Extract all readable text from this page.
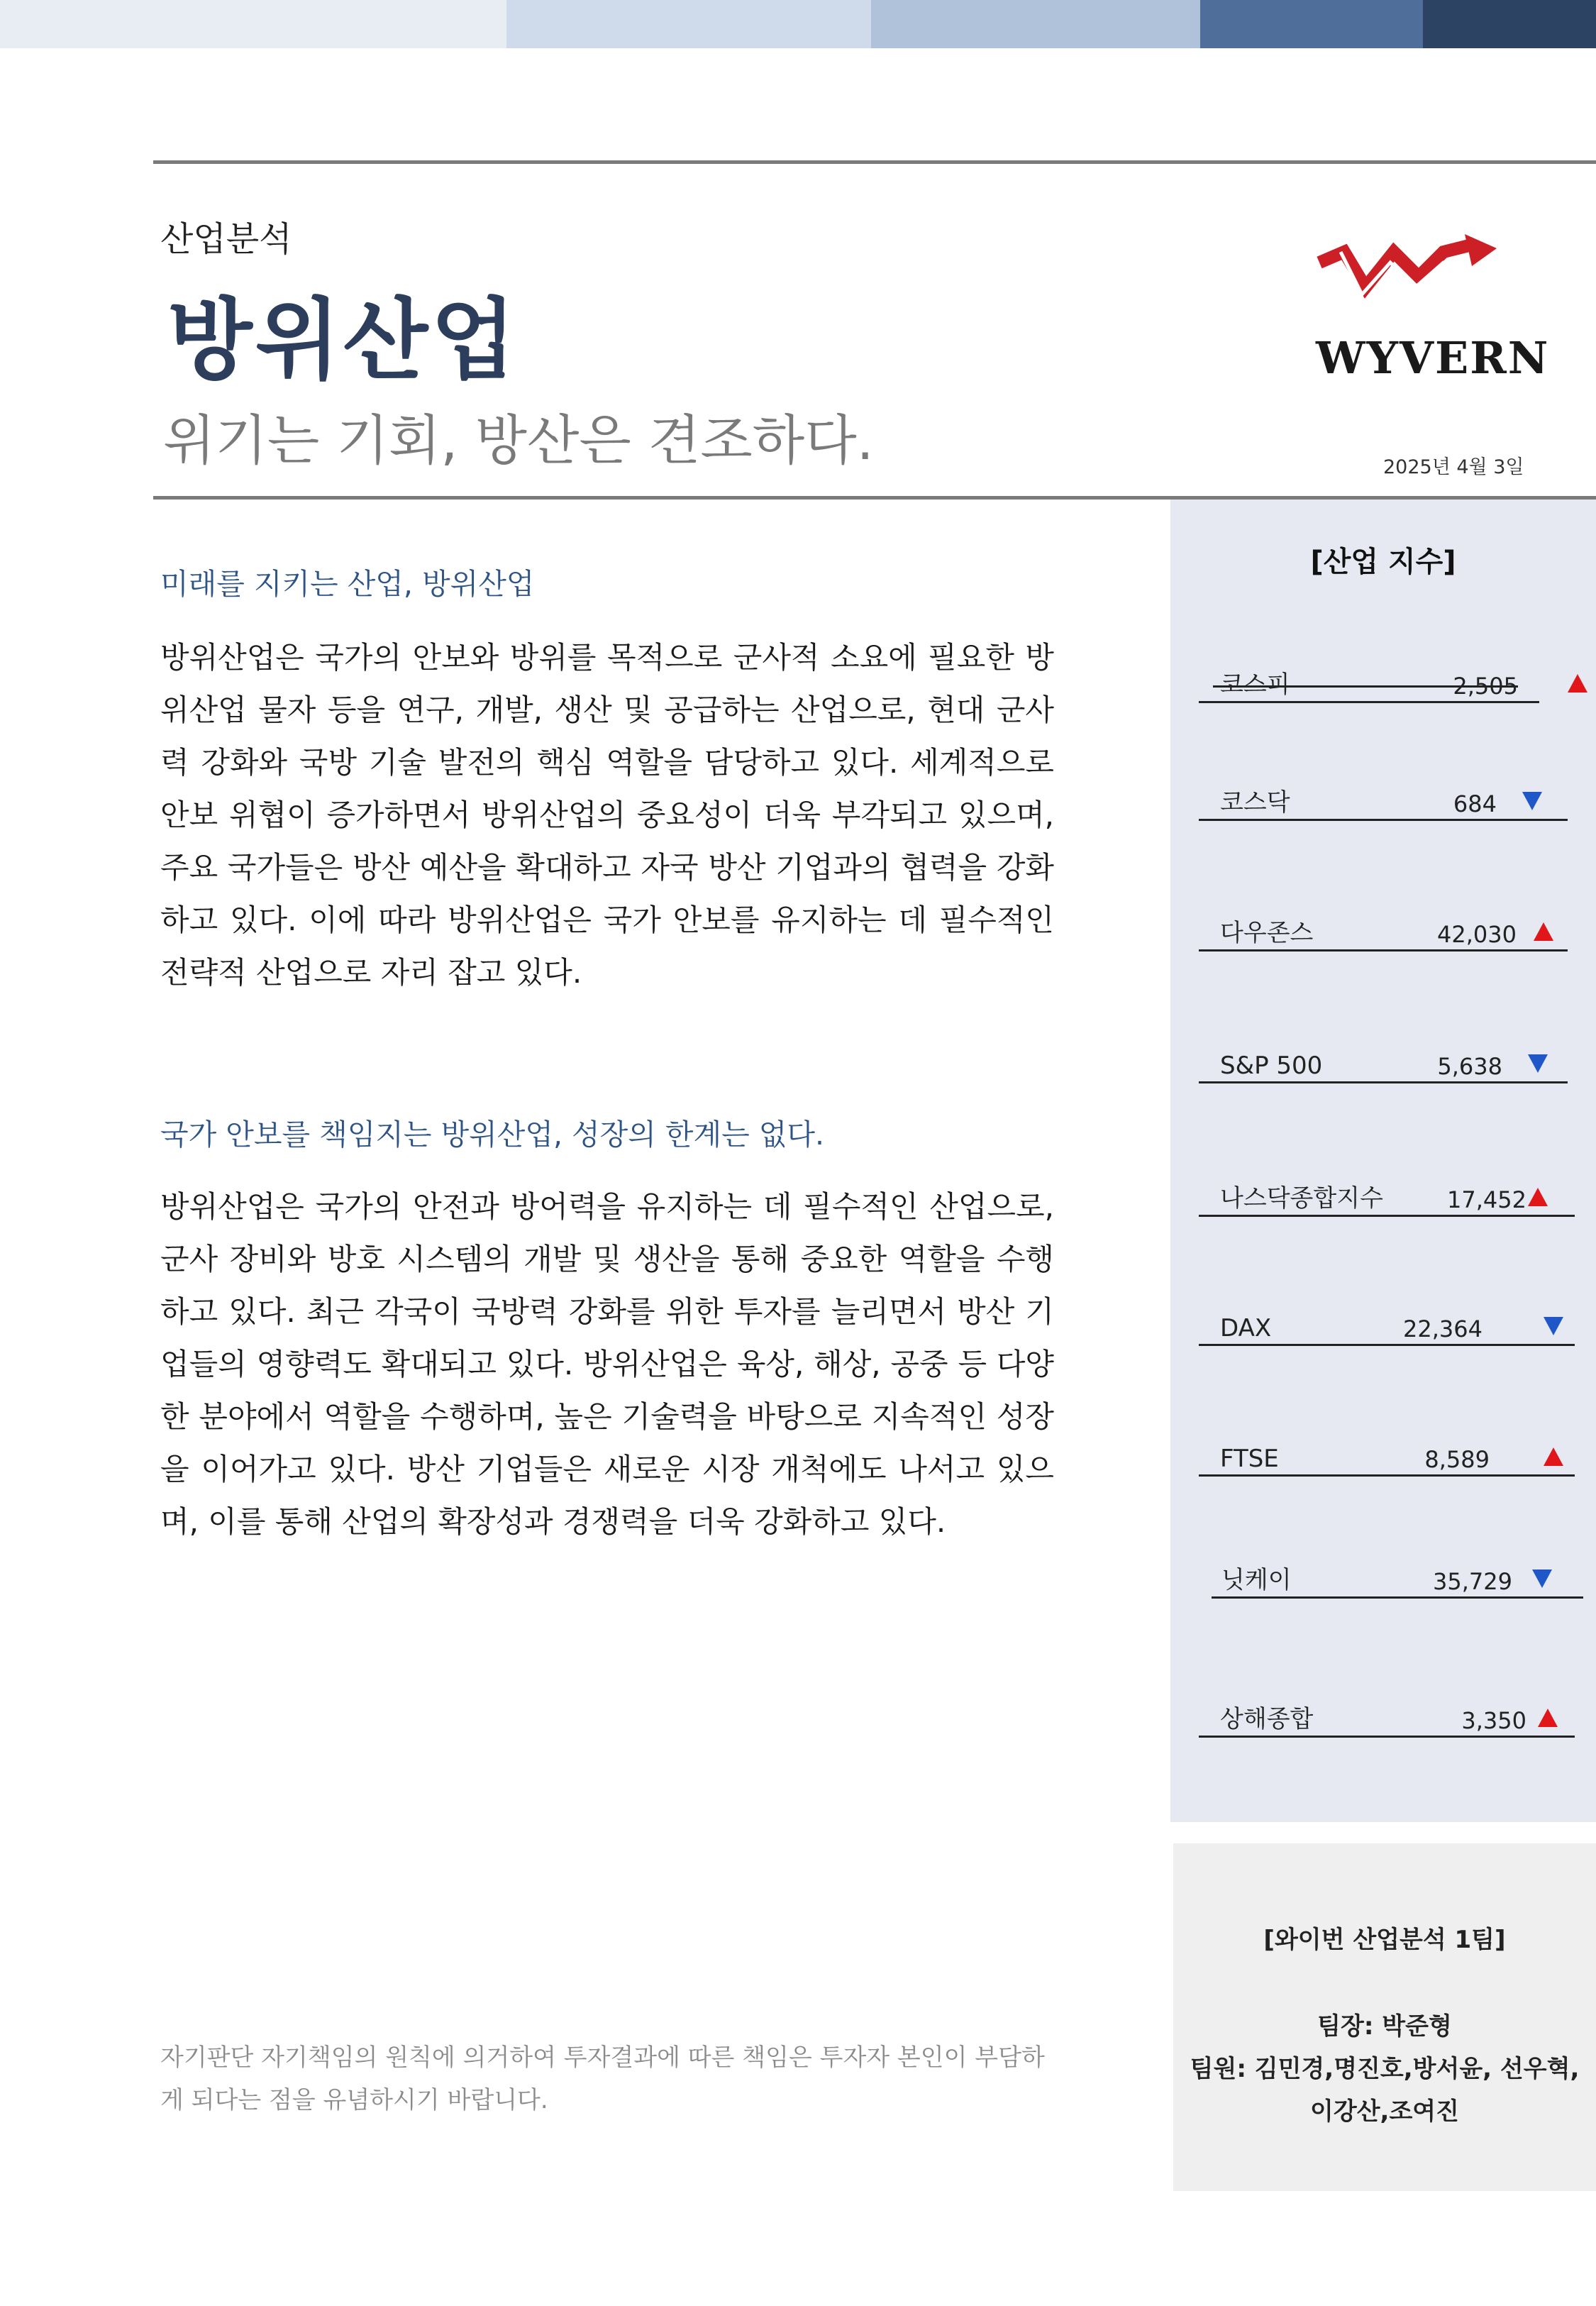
산업분석
방위산업
위기는 기회, 방산은 견조하다.
WYVERN
2025년 4월 3일
미래를 지키는 산업, 방위산업
방위산업은 국가의 안보와 방위를 목적으로 군사적 소요에 필요한 방위산업 물자 등을 연구, 개발, 생산 및 공급하는 산업으로, 현대 군사력 강화와 국방 기술 발전의 핵심 역할을 담당하고 있다. 세계적으로 안보 위협이 증가하면서 방위산업의 중요성이 더욱 부각되고 있으며, 주요 국가들은 방산 예산을 확대하고 자국 방산 기업과의 협력을 강화하고 있다. 이에 따라 방위산업은 국가 안보를 유지하는 데 필수적인 전략적 산업으로 자리 잡고 있다.
국가 안보를 책임지는 방위산업, 성장의 한계는 없다.
방위산업은 국가의 안전과 방어력을 유지하는 데 필수적인 산업으로, 군사 장비와 방호 시스템의 개발 및 생산을 통해 중요한 역할을 수행하고 있다. 최근 각국이 국방력 강화를 위한 투자를 늘리면서 방산 기업들의 영향력도 확대되고 있다. 방위산업은 육상, 해상, 공중 등 다양한 분야에서 역할을 수행하며, 높은 기술력을 바탕으로 지속적인 성장을 이어가고 있다. 방산 기업들은 새로운 시장 개척에도 나서고 있으며, 이를 통해 산업의 확장성과 경쟁력을 더욱 강화하고 있다.
자기판단 자기책임의 원칙에 의거하여 투자결과에 따른 책임은 투자자 본인이 부담하게 되다는 점을 유념하시기 바랍니다.
[산업 지수]
코스피	2,505
코스닥	684
다우존스	42,030
S&P 500	5,638
나스닥종합지수	17,452
DAX	22,364
FTSE	8,589
닛케이	35,729
상해종합	3,350
[와이번 산업분석 1팀]
팀장: 박준형
팀원: 김민경,명진호,방서윤, 선우혁,
이강산,조여진
